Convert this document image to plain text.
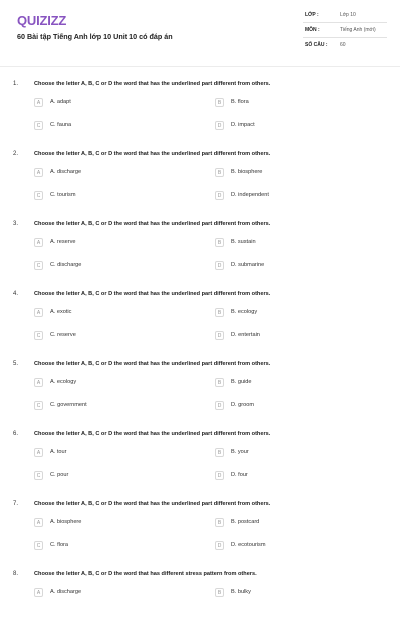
QUIZIZZ
60 Bài tập Tiếng Anh lớp 10 Unit 10 có đáp án
LỚP :	Lớp 10
MÔN :	Tiếng Anh (mới)
SỐ CÂU :	60
1.	Choose the letter A, B, C or D the word that has the underlined part different from others.
A	A. adapt	B	B. flora
C	C. fauna	D	D. impact
2.	Choose the letter A, B, C or D the word that has the underlined part different from others.
A	A. discharge	B	B. biosphere
C	C. tourism	D	D. independent
3.	Choose the letter A, B, C or D the word that has the underlined part different from others.
A	A. reserve	B	B. sustain
C	C. discharge	D	D. submarine
4.	Choose the letter A, B, C or D the word that has the underlined part different from others.
A	A. exotic	B	B. ecology
C	C. reserve	D	D. entertain
5.	Choose the letter A, B, C or D the word that has the underlined part different from others.
A	A. ecology	B	B. guide
C	C. government	D	D. groom
6.	Choose the letter A, B, C or D the word that has the underlined part different from others.
A	A. tour	B	B. your
C	C. pour	D	D. four
7.	Choose the letter A, B, C or D the word that has the underlined part different from others.
A	A. biosphere	B	B. postcard
C	C. flora	D	D. ecotourism
8.	Choose the letter A, B, C or D the word that has different stress pattern from others.
A	A. discharge	B	B. bulky
